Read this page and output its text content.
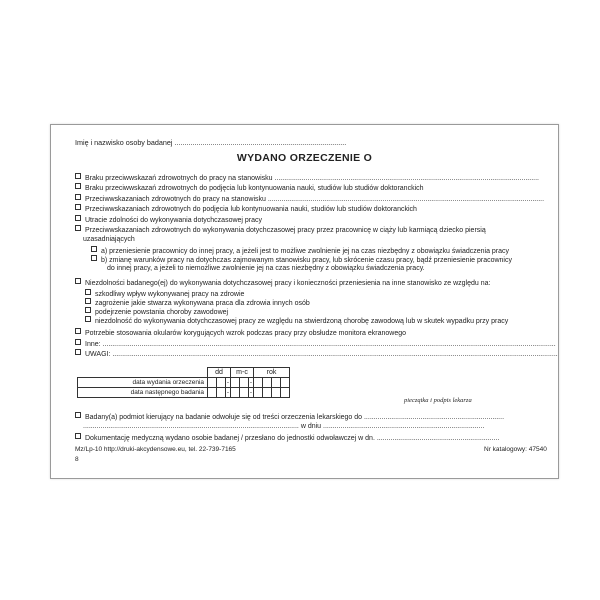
Imię i nazwisko osoby badanej ......................................................................................
WYDANO ORZECZENIE O
Braku przeciwwskazań zdrowotnych do pracy na stanowisku ........................................................................................................................................
Braku przeciwwskazań zdrowotnych do podjęcia lub kontynuowania nauki, studiów lub studiów doktoranckich
Przeciwwskazaniach zdrowotnych do pracy na stanowisku ..............................................................................................................................................
Przeciwwskazaniach zdrowotnych do podjęcia lub kontynuowania nauki, studiów lub studiów doktoranckich
Utracie zdolności do wykonywania dotychczasowej pracy
Przeciwwskazaniach zdrowotnych do wykonywania dotychczasowej pracy przez pracownicę w ciąży lub karmiącą dziecko piersią
uzasadniających
a) przeniesienie pracownicy do innej pracy, a jeżeli jest to możliwe zwolnienie jej na czas niezbędny z obowiązku świadczenia pracy
b) zmianę warunków pracy na dotychczas zajmowanym stanowisku pracy, lub skrócenie czasu pracy, bądź przeniesienie pracownicy
do innej pracy, a jeżeli to niemożliwe zwolnienie jej na czas niezbędny z obowiązku świadczenia pracy.
Niezdolności badanego(ej) do wykonywania dotychczasowej pracy i konieczności przeniesienia na inne stanowisko ze względu na:
szkodliwy wpływ wykonywanej pracy na zdrowie
zagrożenie jakie stwarza wykonywana praca dla zdrowia innych osób
podejrzenie powstania choroby zawodowej
niezdolność do wykonywania dotychczasowej pracy ze względu na stwierdzoną chorobę zawodową lub w skutek wypadku przy pracy
Potrzebie stosowania okularów korygujących wzrok podczas pracy przy obsłudze monitora ekranowego
Inne: .........................................................................................................................................................................................................................................
UWAGI: .....................................................................................................................................................................................................................................
	dd			m-c			rok			
data wydania orzeczenia			-			-				
data następnego badania			-			-				
pieczątka i podpis lekarza
Badany(a) podmiot kierujący na badanie odwołuje się od treści orzeczenia lekarskiego do ........................................................................
............................................................................................................... w dniu ...................................................................................
Dokumentację medyczną wydano osobie badanej / przesłano do jednostki odwoławczej w dn. ...............................................................
Mz/Lp-10 http://druki-akcydensowe.eu, tel. 22-739-7165	Nr katalogowy: 47540
8
